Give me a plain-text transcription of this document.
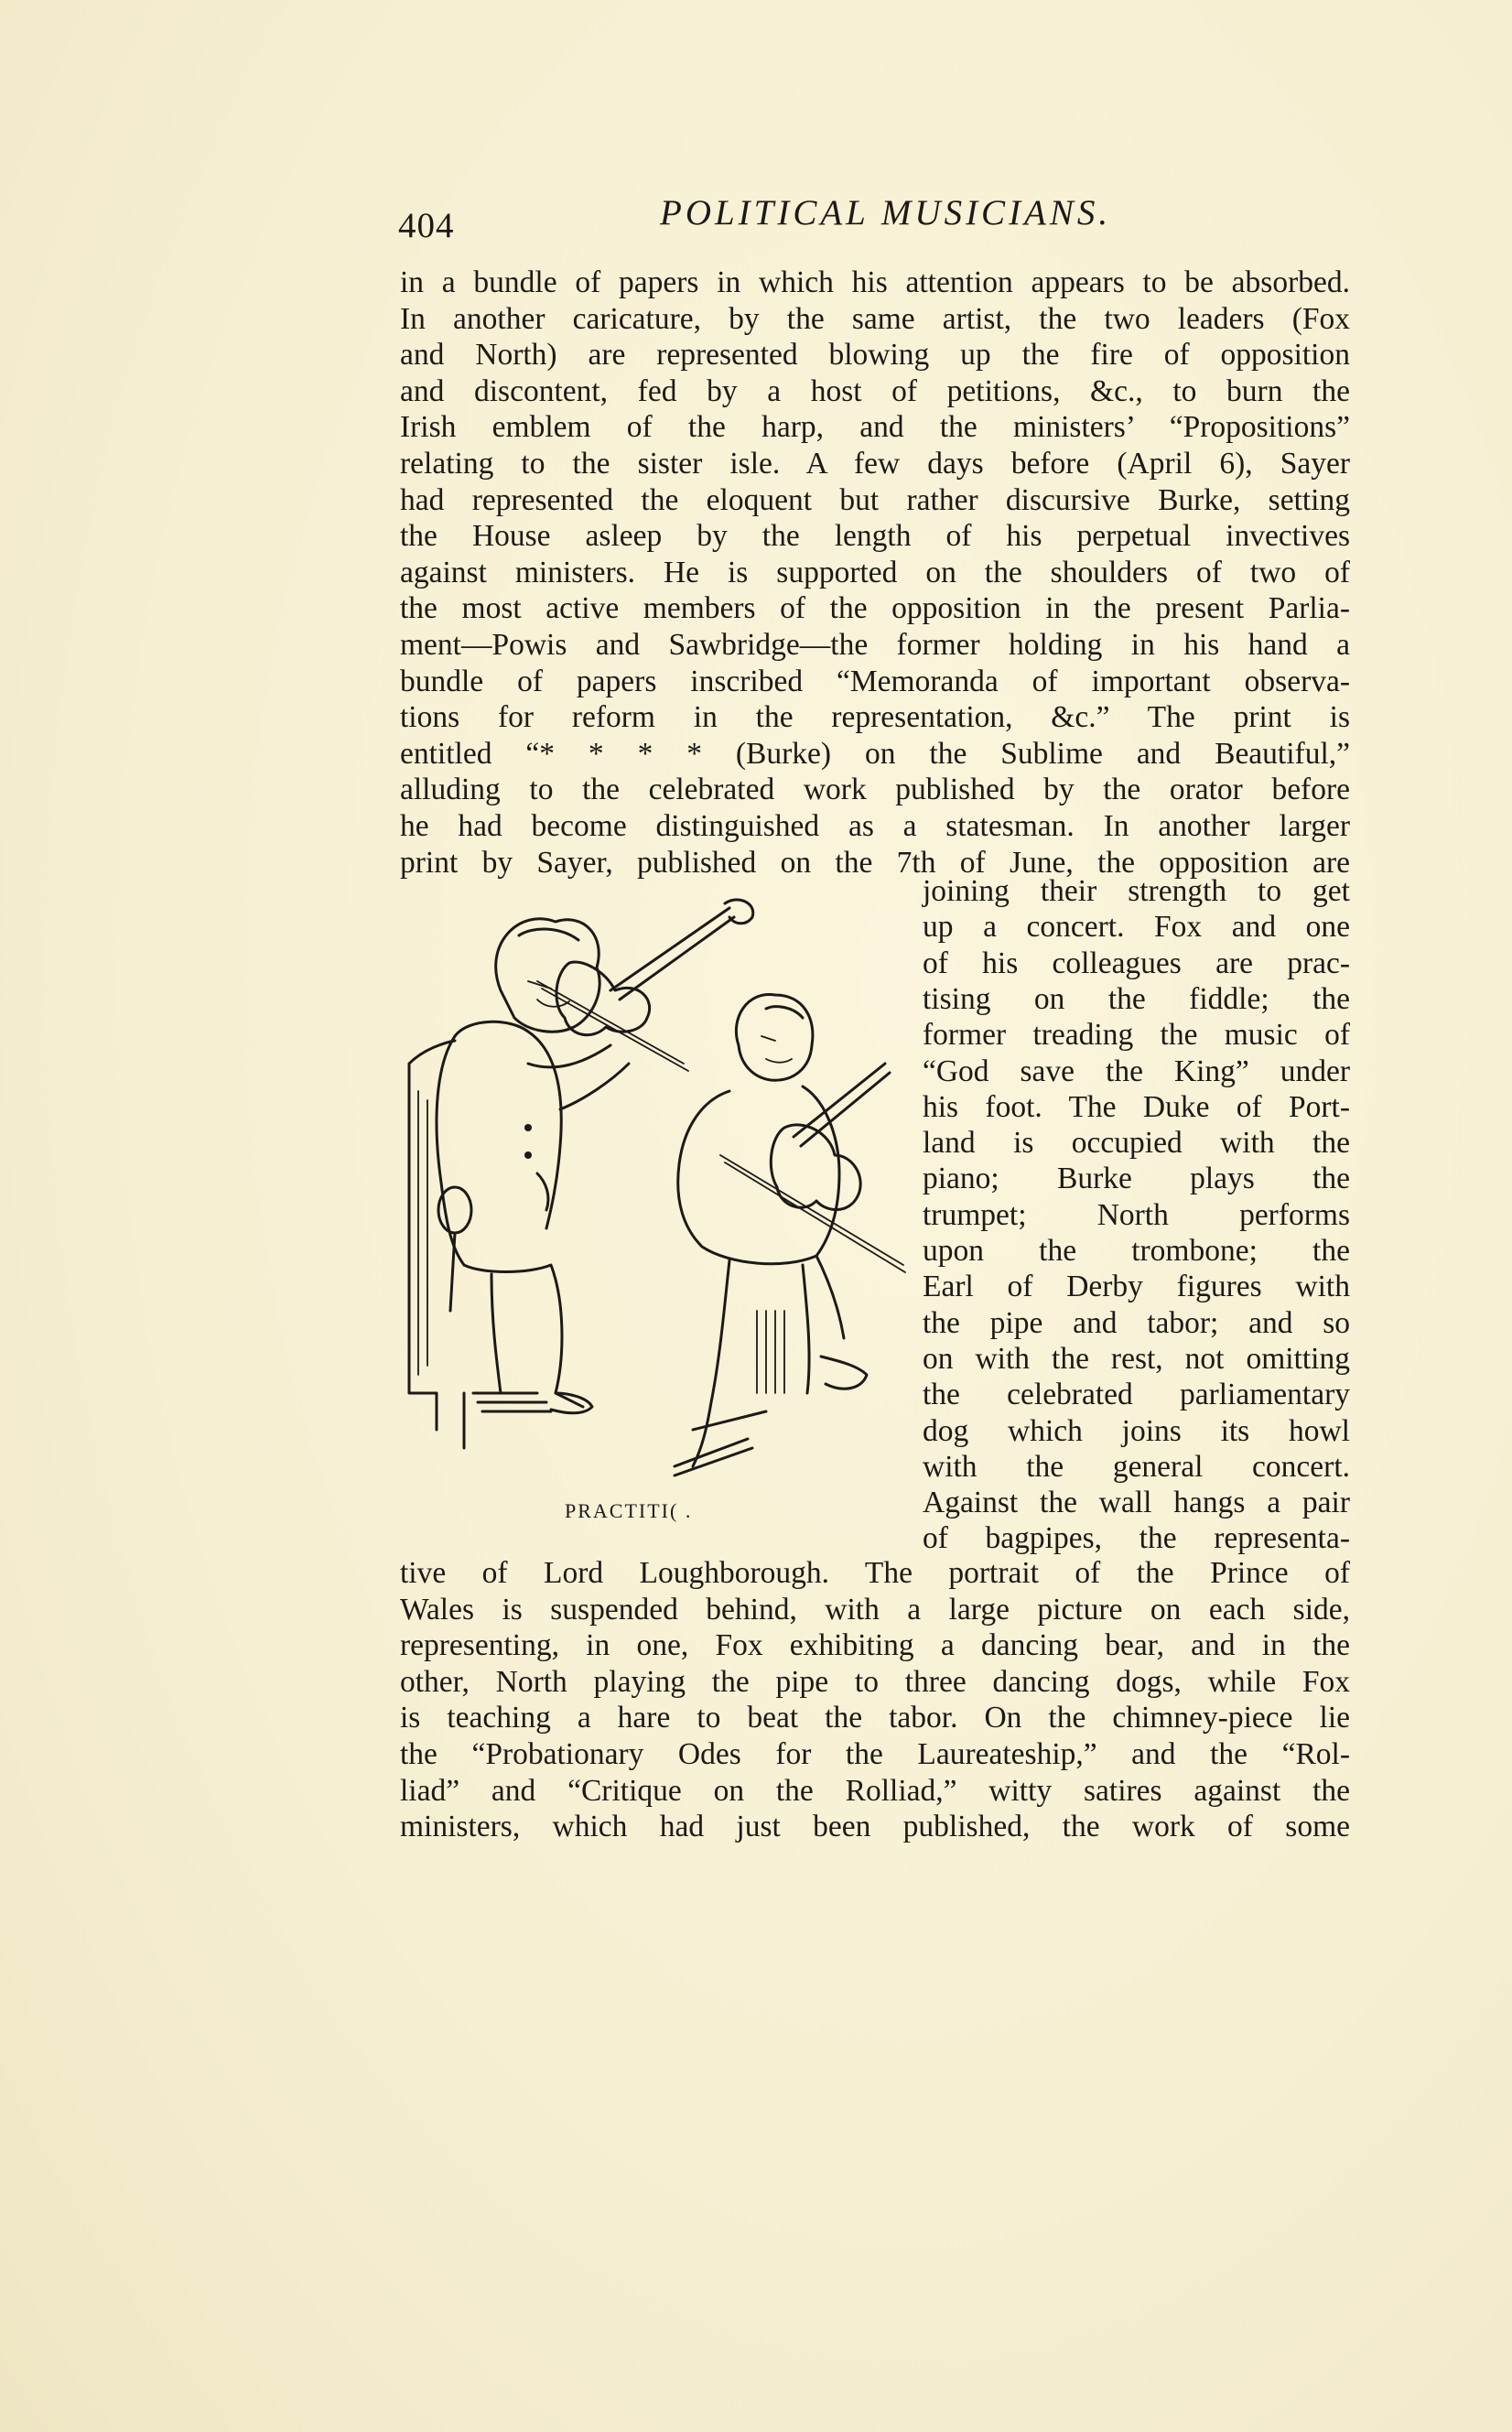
404	POLITICAL MUSICIANS.
in a bundle of papers in which his attention appears to be absorbed.
In another caricature, by the same artist, the two leaders (Fox
and North) are represented blowing up the fire of opposition
and discontent, fed by a host of petitions, &c., to burn the
Irish emblem of the harp, and the ministers’ “Propositions”
relating to the sister isle. A few days before (April 6), Sayer
had represented the eloquent but rather discursive Burke, setting
the House asleep by the length of his perpetual invectives
against ministers. He is supported on the shoulders of two of
the most active members of the opposition in the present Parlia-
ment—Powis and Sawbridge—the former holding in his hand a
bundle of papers inscribed “Memoranda of important observa-
tions for reform in the representation, &c.” The print is
entitled “* * * * (Burke) on the Sublime and Beautiful,”
alluding to the celebrated work published by the orator before
he had become distinguished as a statesman. In another larger
print by Sayer, published on the 7th of June, the opposition are
PRACTITI( .
joining their strength to get
up a concert. Fox and one
of his colleagues are prac-
tising on the fiddle; the
former treading the music of
“God save the King” under
his foot. The Duke of Port-
land is occupied with the
piano; Burke plays the
trumpet; North performs
upon the trombone; the
Earl of Derby figures with
the pipe and tabor; and so
on with the rest, not omitting
the celebrated parliamentary
dog which joins its howl
with the general concert.
Against the wall hangs a pair
of bagpipes, the representa-
tive of Lord Loughborough. The portrait of the Prince of
Wales is suspended behind, with a large picture on each side,
representing, in one, Fox exhibiting a dancing bear, and in the
other, North playing the pipe to three dancing dogs, while Fox
is teaching a hare to beat the tabor. On the chimney-piece lie
the “Probationary Odes for the Laureateship,” and the “Rol-
liad” and “Critique on the Rolliad,” witty satires against the
ministers, which had just been published, the work of some
